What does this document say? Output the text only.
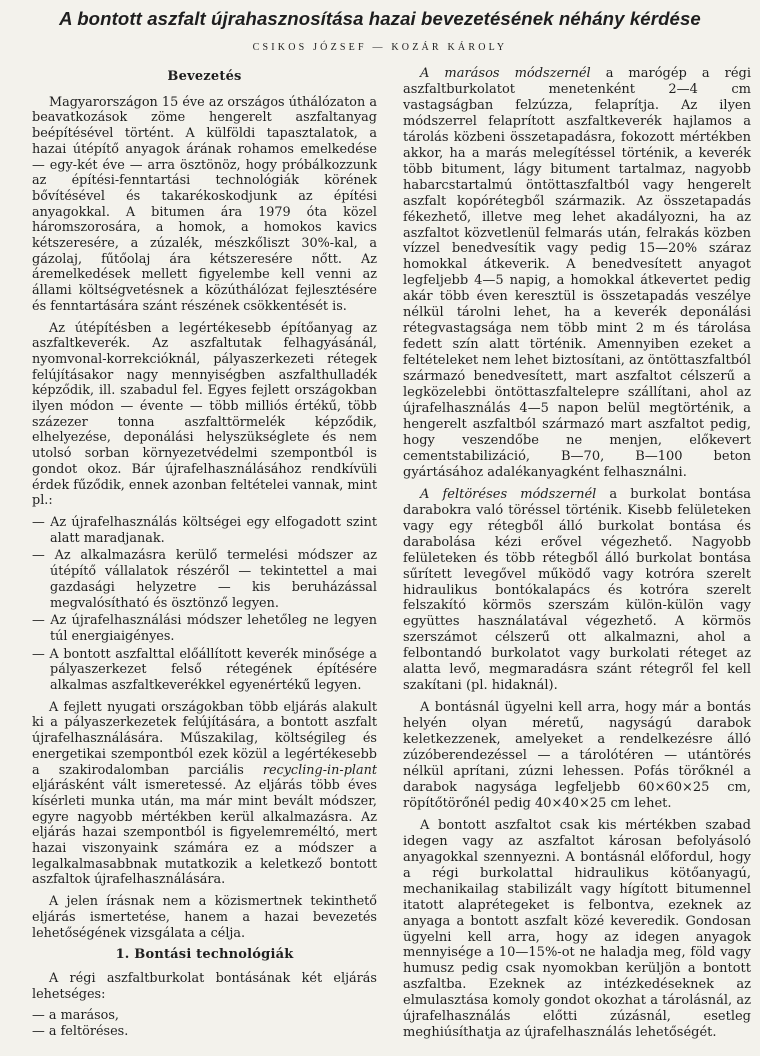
A bontott aszfalt újrahasznosítása hazai bevezetésének néhány kérdése
CSIKOS JÓZSEF — KOZÁR KÁROLY
Bevezetés

Magyarországon 15 éve az országos úthálózaton a beavatkozások zöme hengerelt aszfaltanyag beépítésével történt. A külföldi tapasztalatok, a hazai útépítő anyagok árának rohamos emelkedése — egy-két éve — arra ösztönöz, hogy próbálkozzunk az építési-fenntartási technológiák körének bővítésével és takarékoskodjunk az építési anyagokkal. A bitumen ára 1979 óta közel háromszorosára, a homok, a homokos kavics kétszeresére, a zúzalék, mészkőliszt 30%-kal, a gázolaj, fűtőolaj ára kétszeresére nőtt. Az áremelkedések mellett figyelembe kell venni az állami költségvetésnek a közúthálózat fejlesztésére és fenntartására szánt részének csökkentését is.

Az útépítésben a legértékesebb építőanyag az aszfaltkeverék. Az aszfaltutak felhagyásánál, nyomvonal-korrekcióknál, pályaszerkezeti rétegek felújításakor nagy mennyiségben aszfalthulladék képződik, ill. szabadul fel. Egyes fejlett országokban ilyen módon — évente — több milliós értékű, több százezer tonna aszfalttörmelék képződik, elhelyezése, deponálási helyszükséglete és nem utolsó sorban környezetvédelmi szempontból is gondot okoz. Bár újrafelhasználásához rendkívüli érdek fűződik, ennek azonban feltételei vannak, mint pl.:

— Az újrafelhasználás költségei egy elfogadott szint alatt maradjanak.
— Az alkalmazásra kerülő termelési módszer az útépítő vállalatok részéről — tekintettel a mai gazdasági helyzetre — kis beruházással megvalósítható és ösztönző legyen.
— Az újrafelhasználási módszer lehetőleg ne legyen túl energiaigényes.
— A bontott aszfalttal előállított keverék minősége a pályaszerkezet felső rétegének építésére alkalmas aszfaltkeverékkel egyenértékű legyen.

A fejlett nyugati országokban több eljárás alakult ki a pályaszerkezetek felújítására, a bontott aszfalt újrafelhasználására. Műszakilag, költségileg és energetikai szempontból ezek közül a legértékesebb a szakirodalomban parciális recycling-in-plant eljárásként vált ismeretessé. Az eljárás több éves kísérleti munka után, ma már mint bevált módszer, egyre nagyobb mértékben kerül alkalmazásra. Az eljárás hazai szempontból is figyelemreméltó, mert hazai viszonyaink számára ez a módszer a legalkalmasabbnak mutatkozik a keletkező bontott aszfaltok újrafelhasználására.

A jelen írásnak nem a közismertnek tekinthető eljárás ismertetése, hanem a hazai bevezetés lehetőségének vizsgálata a célja.

1. Bontási technológiák

A régi aszfaltburkolat bontásának két eljárás lehetséges:

— a marásos,
— a feltöréses.

A marásos módszernél a marógép a régi aszfaltburkolatot menetenként 2—4 cm vastagságban felzúzza, felaprítja. Az ilyen módszerrel felaprított aszfaltkeverék hajlamos a tárolás közbeni összetapadásra, fokozott mértékben akkor, ha a marás melegítéssel történik, a keverék több bitument, lágy bitument tartalmaz, nagyobb habarcstartalmú öntöttaszfaltból vagy hengerelt aszfalt kopórétegből származik. Az összetapadás fékezhető, illetve meg lehet akadályozni, ha az aszfaltot közvetlenül felmarás után, felrakás közben vízzel benedvesítik vagy pedig 15—20% száraz homokkal átkeverik. A benedvesített anyagot legfeljebb 4—5 napig, a homokkal átkevertet pedig akár több éven keresztül is összetapadás veszélye nélkül tárolni lehet, ha a keverék deponálási rétegvastagsága nem több mint 2 m és tárolása fedett szín alatt történik. Amennyiben ezeket a feltételeket nem lehet biztosítani, az öntöttaszfaltból származó benedvesített, mart aszfaltot célszerű a legközelebbi öntöttaszfaltelepre szállítani, ahol az újrafelhasználás 4—5 napon belül megtörténik, a hengerelt aszfaltból származó mart aszfaltot pedig, hogy veszendőbe ne menjen, előkevert cementstabilizáció, B—70, B—100 beton gyártásához adalékanyagként felhasználni.

A feltöréses módszernél a burkolat bontása darabokra való töréssel történik. Kisebb felületeken vagy egy rétegből álló burkolat bontása és darabolása kézi erővel végezhető. Nagyobb felületeken és több rétegből álló burkolat bontása sűrített levegővel működő vagy kotróra szerelt hidraulikus bontókalapács és kotróra szerelt felszakító körmös szerszám külön-külön vagy együttes használatával végezhető. A körmös szerszámot célszerű ott alkalmazni, ahol a felbontandó burkolatot vagy burkolati réteget az alatta levő, megmaradásra szánt rétegről fel kell szakítani (pl. hidaknál).

A bontásnál ügyelni kell arra, hogy már a bontás helyén olyan méretű, nagyságú darabok keletkezzenek, amelyeket a rendelkezésre álló zúzóberendezéssel — a tárolótéren — utántörés nélkül aprítani, zúzni lehessen. Pofás törőknél a darabok nagysága legfeljebb 60×60×25 cm, röpítőtörőnél pedig 40×40×25 cm lehet.

A bontott aszfaltot csak kis mértékben szabad idegen vagy az aszfaltot károsan befolyásoló anyagokkal szennyezni. A bontásnál előfordul, hogy a régi burkolattal hidraulikus kötőanyagú, mechanikailag stabilizált vagy hígított bitumennel itatott alaprétegeket is felbontva, ezeknek az anyaga a bontott aszfalt közé keveredik. Gondosan ügyelni kell arra, hogy az idegen anyagok mennyisége a 10—15%-ot ne haladja meg, föld vagy humusz pedig csak nyomokban kerüljön a bontott aszfaltba. Ezeknek az intézkedéseknek az elmulasztása komoly gondot okozhat a tárolásnál, az újrafelhasználás előtti zúzásnál, esetleg meghiúsíthatja az újrafelhasználás lehetőségét.
